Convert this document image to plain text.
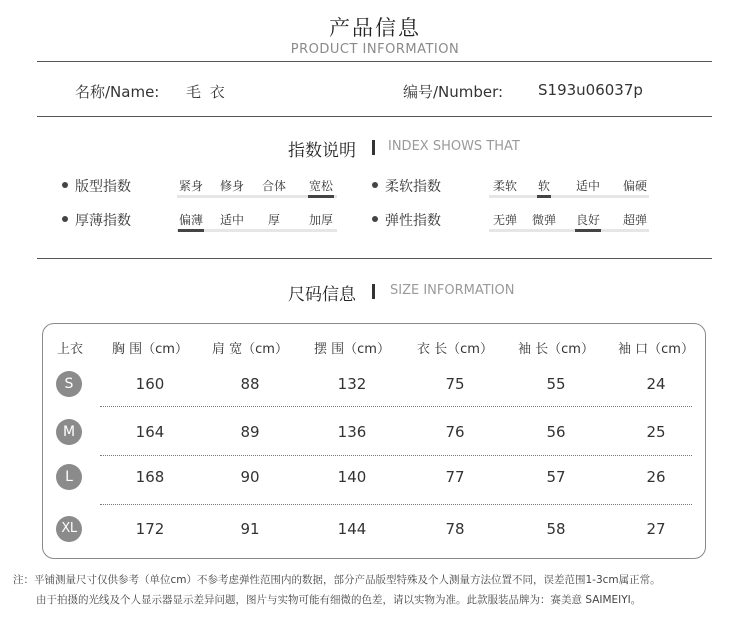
产品信息
PRODUCT INFORMATION
名称/Name: 毛 衣	编号/Number: S193u06037p
指数说明 INDEX SHOWS THAT
版型指数	紧身	修身	合体	宽松
厚薄指数	偏薄	适中	厚	加厚
柔软指数	柔软	软	适中	偏硬
弹性指数	无弹	微弹	良好	超弹
尺码信息	SIZE INFORMATION
上衣	胸 围（cm）	肩 宽（cm）	摆 围（cm）	衣 长（cm）	袖 长（cm）	袖 口（cm）
S	160	88	132	75	55	24
M	164	89	136	76	56	25
L	168	90	140	77	57	26
XL	172	91	144	78	58	27
注：平铺测量尺寸仅供参考（单位cm）不参考虑弹性范围内的数据，部分产品版型特殊及个人测量方法位置不同，误差范围1-3cm属正常。
由于拍摄的光线及个人显示器显示差异问题，图片与实物可能有细微的色差，请以实物为准。此款服装品牌为：赛美意 SAIMEIYI。
